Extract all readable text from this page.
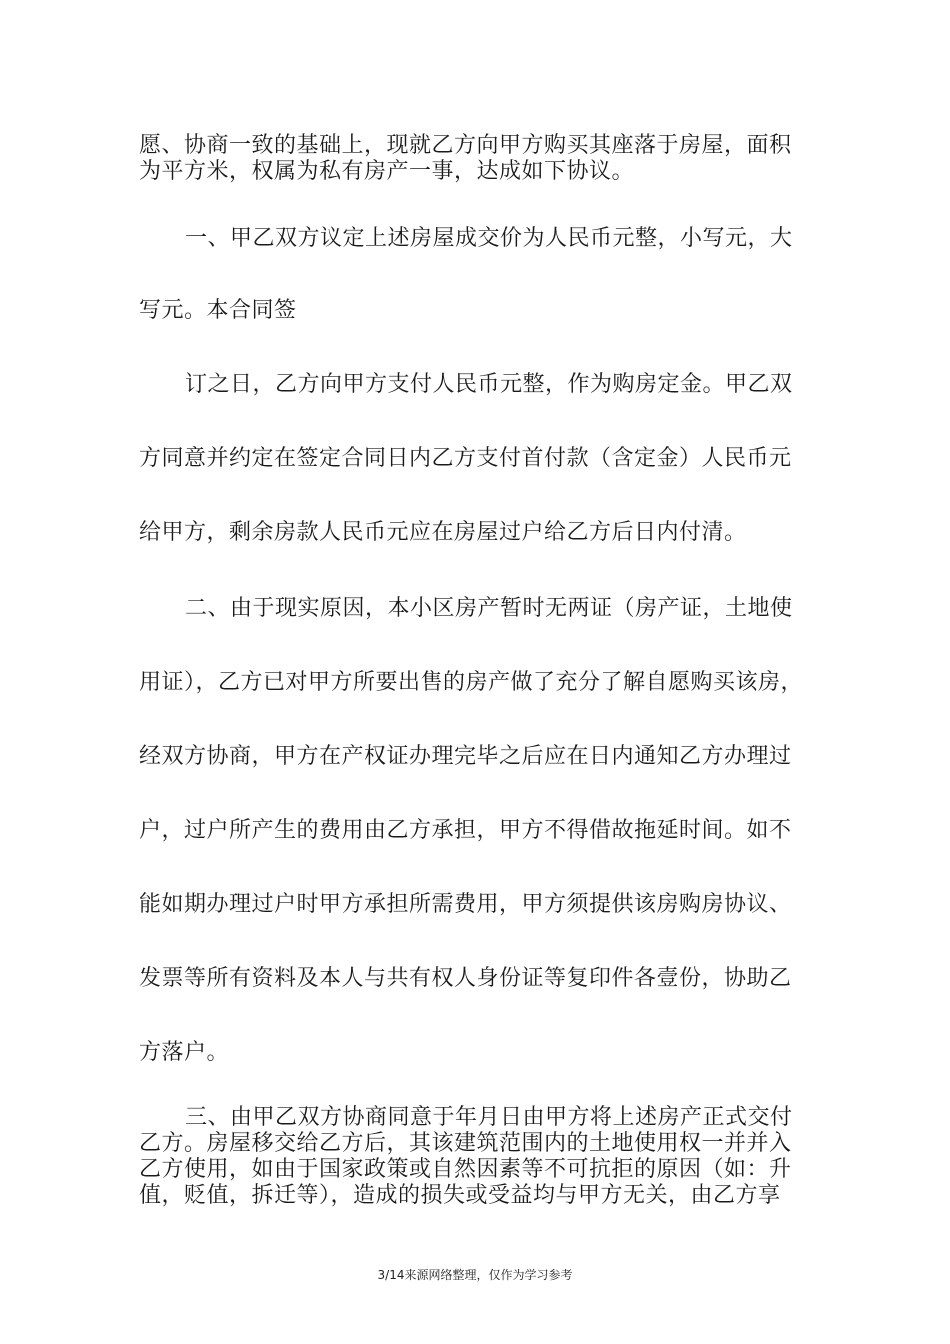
愿、协商一致的基础上，现就乙方向甲方购买其座落于房屋，面积
为平方米，权属为私有房产一事，达成如下协议。
一、甲乙双方议定上述房屋成交价为人民币元整，小写元，大
写元。本合同签
订之日，乙方向甲方支付人民币元整，作为购房定金。甲乙双
方同意并约定在签定合同日内乙方支付首付款（含定金）人民币元
给甲方，剩余房款人民币元应在房屋过户给乙方后日内付清。
二、由于现实原因，本小区房产暂时无两证（房产证，土地使
用证），乙方已对甲方所要出售的房产做了充分了解自愿购买该房，
经双方协商，甲方在产权证办理完毕之后应在日内通知乙方办理过
户，过户所产生的费用由乙方承担，甲方不得借故拖延时间。如不
能如期办理过户时甲方承担所需费用，甲方须提供该房购房协议、
发票等所有资料及本人与共有权人身份证等复印件各壹份，协助乙
方落户。
三、由甲乙双方协商同意于年月日由甲方将上述房产正式交付
乙方。房屋移交给乙方后，其该建筑范围内的土地使用权一并并入
乙方使用，如由于国家政策或自然因素等不可抗拒的原因（如：升
值，贬值，拆迁等），造成的损失或受益均与甲方无关，由乙方享
3/14来源网络整理，仅作为学习参考
